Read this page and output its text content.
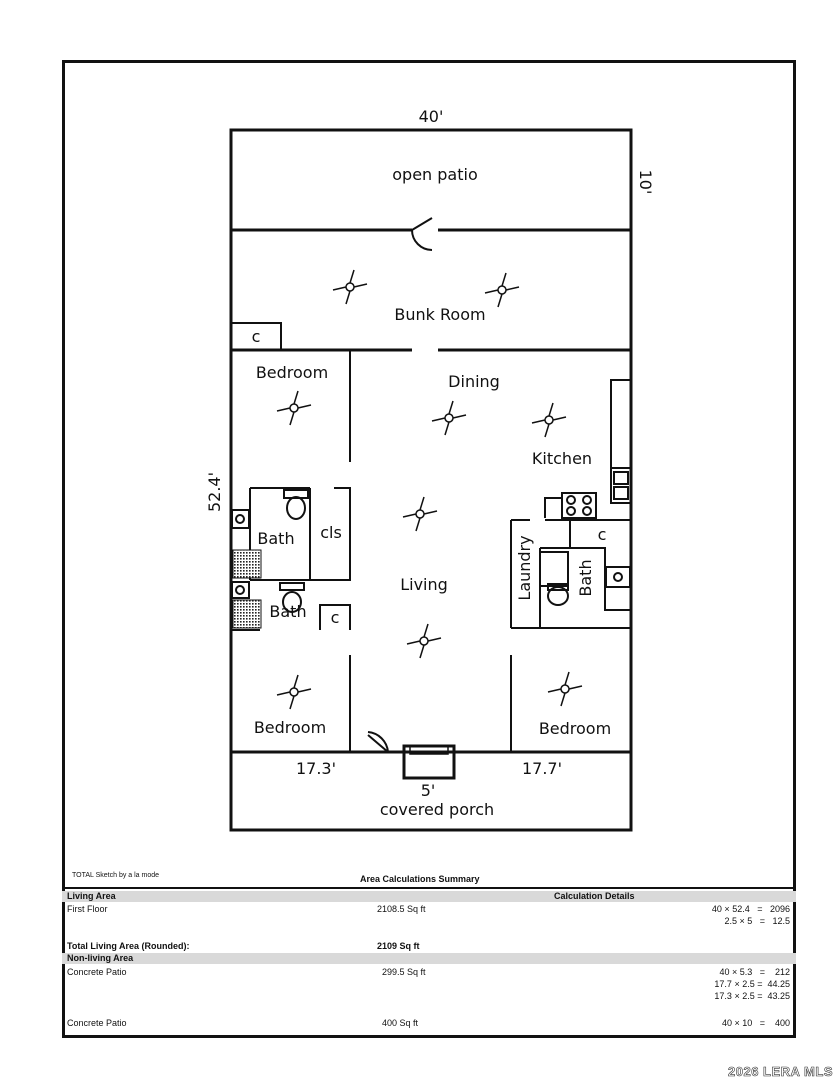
40'
10'
52.4'
17.3'	17.7'
5'
open patio
Bunk Room
c
Bedroom	Dining
Kitchen
Bath cls
Living	Laundry	Bath
c
Bath c
Bedroom	Bedroom
covered porch
TOTAL Sketch by a la mode	Area Calculations Summary
Living Area	Calculation Details
First Floor	2108.5 Sq ft	40 × 52.4   =   2096
2.5 × 5   =   12.5
Total Living Area (Rounded):	2109 Sq ft
Non-living Area
Concrete Patio	299.5 Sq ft	40 × 5.3   =    212
17.7 × 2.5 =  44.25
17.3 × 2.5 =  43.25
Concrete Patio	400 Sq ft	40 × 10   =    400
2026 LERA MLS
